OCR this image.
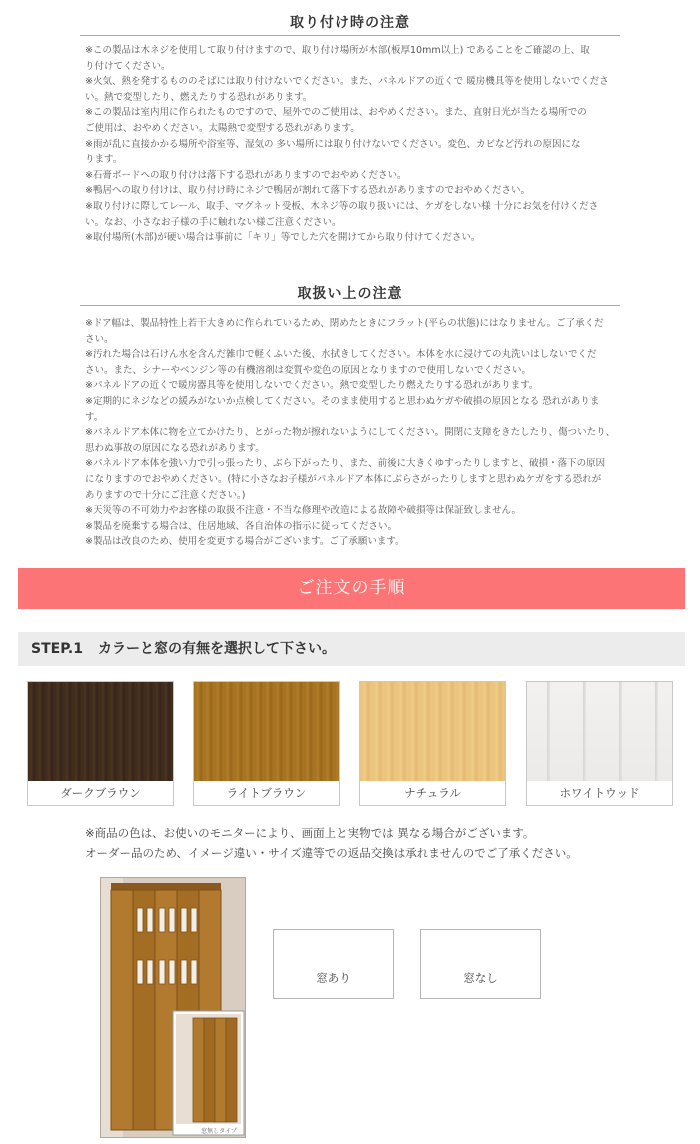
取り付け時の注意

※この製品は木ネジを使用して取り付けますので、取り付け場所が木部(板厚10mm以上) であることをご確認の上、取

り付けてください。

※火気、熱を発するもののそばには取り付けないでください。また、パネルドアの近くで 暖房機具等を使用しないでくださ

い。熱で変型したり、燃えたりする恐れがあります。

※この製品は室内用に作られたものですので、屋外でのご使用は、おやめください。また、直射日光が当たる場所での

ご使用は、おやめください。太陽熱で変型する恐れがあります。

※雨が乱に直接かかる場所や浴室等、湿気の 多い場所には取り付けないでください。変色、カビなど汚れの原因にな

ります。

※石膏ボードへの取り付けは落下する恐れがありますのでおやめください。

※鴨居への取り付けは、取り付け時にネジで鴨居が割れて落下する恐れがありますのでおやめください。

※取り付けに際してレール、取手、マグネット受板、木ネジ等の取り扱いには、ケガをしない様 十分にお気を付けくださ

い。なお、小さなお子様の手に触れない様ご注意ください。

※取付場所(木部)が硬い場合は事前に「キリ」等でした穴を開けてから取り付けてください。

取扱い上の注意

※ドア幅は、製品特性上若干大きめに作られているため、閉めたときにフラット(平らの状態)にはなりません。ご了承くだ

さい。

※汚れた場合は石けん水を含んだ雑巾で軽くふいた後、水拭きしてください。本体を水に浸けての丸洗いはしないでくだ

さい。また、シナーやベンジン等の有機溶剤は変質や変色の原因となりますので使用しないでください。

※パネルドアの近くで暖房器具等を使用しないでください。熱で変型したり燃えたりする恐れがあります。

※定期的にネジなどの緩みがないか点検してください。そのまま使用すると思わぬケガや破損の原因となる 恐れがありま

す。

※パネルドア本体に物を立てかけたり、とがった物が擦れないようにしてください。開閉に支障をきたしたり、傷ついたり、

思わぬ事故の原因になる恐れがあります。

※パネルドア本体を強い力で引っ張ったり、ぶら下がったり、また、前後に大きくゆすったりしますと、破損・落下の原因

になりますのでおやめください。(特に小さなお子様がパネルドア本体にぶらさがったりしますと思わぬケガをする恐れが

ありますので十分にご注意ください。)

※天災等の不可効力やお客様の取扱不注意・不当な修理や改造による故障や破損等は保証致しません。

※製品を廃棄する場合は、住居地域、各自治体の指示に従ってください。

※製品は改良のため、使用を変更する場合がございます。ご了承願います。

ご注文の手順
STEP.1 カラーと窓の有無を選択して下さい。
ダークブラウン	ライトブラウン	ナチュラル	ホワイトウッド
※商品の色は、お使いのモニターにより、画面上と実物では 異なる場合がございます。
オーダー品のため、イメージ違い・サイズ違等での返品交換は承れませんのでご了承ください。
窓無しタイプ
窓あり	窓なし
